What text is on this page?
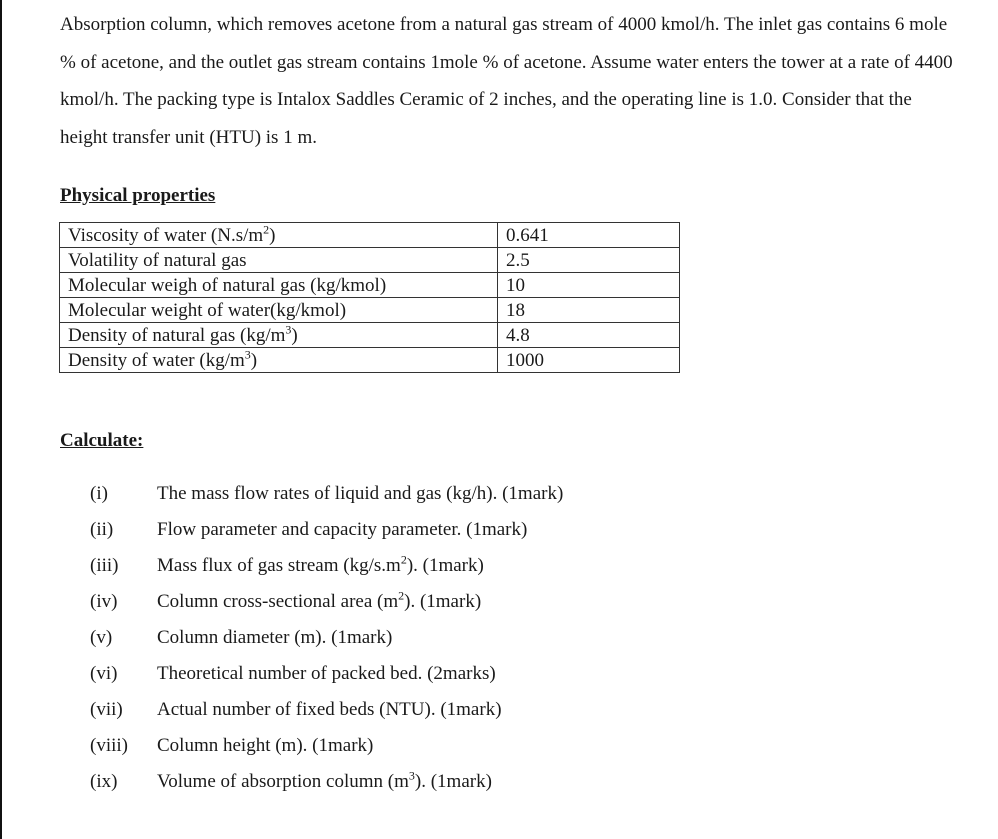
Absorption column, which removes acetone from a natural gas stream of 4000 kmol/h. The inlet gas contains 6 mole % of acetone, and the outlet gas stream contains 1mole % of acetone. Assume water enters the tower at a rate of 4400 kmol/h. The packing type is Intalox Saddles Ceramic of 2 inches, and the operating line is 1.0. Consider that the height transfer unit (HTU) is 1 m.

Physical properties

Viscosity of water $(N.s/m^2)$	0.641
Volatility of natural gas	2.5
Molecular weigh of natural gas (kg/kmol)	10
Molecular weight of water(kg/kmol)	18
Density of natural gas $(kg/m^3)$	4.8
Density of water $(kg/m^3)$	1000

Calculate:

(i)	The mass flow rates of liquid and gas (kg/h). (1mark)
(ii) Flow parameter and capacity parameter. (1mark)
(iii) Mass flux of gas stream $(kg/s.m^2)$. (1mark)
(iv) Column cross-sectional area $(m^2)$. (1mark)
(v) Column diameter (m). (1mark)
(vi) Theoretical number of packed bed. (2marks)
(vii) Actual number of fixed beds (NTU). (1mark)
(viii) Column height (m). (1mark)
(ix) Volume of absorption column $(m^3)$. (1mark)
